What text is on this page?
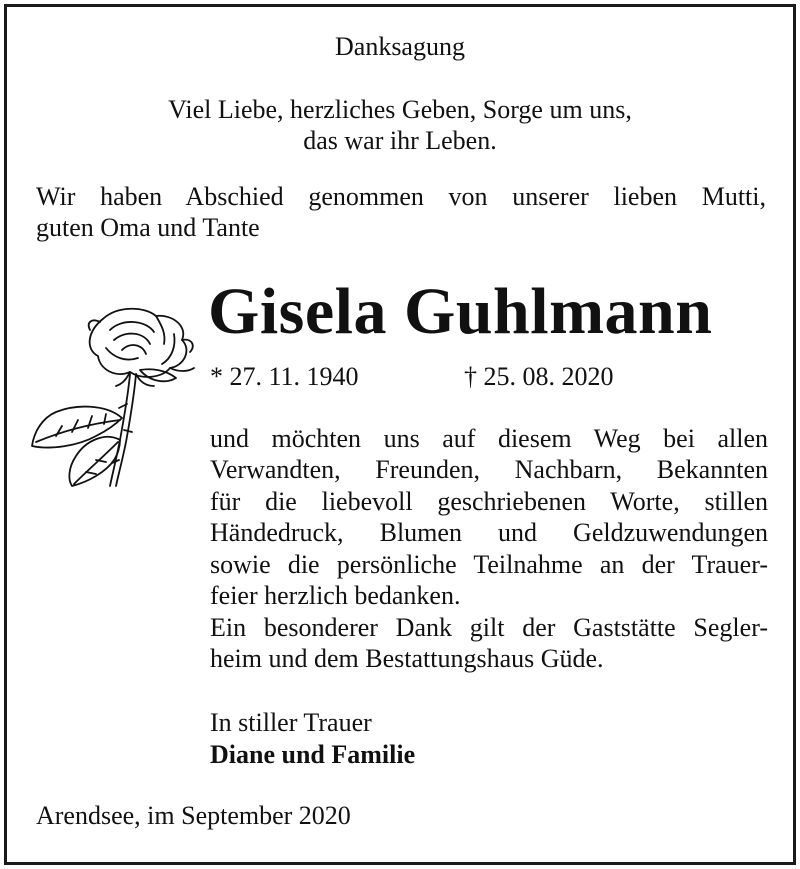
Danksagung
Viel Liebe, herzliches Geben, Sorge um uns,
das war ihr Leben.
Wir haben Abschied genommen von unserer lieben Mutti,
guten Oma und Tante
Gisela Guhlmann
* 27. 11. 1940	† 25. 08. 2020
und möchten uns auf diesem Weg bei allen
Verwandten, Freunden, Nachbarn, Bekannten
für die liebevoll geschriebenen Worte, stillen
Händedruck, Blumen und Geldzuwendungen
sowie die persönliche Teilnahme an der Trauer-
feier herzlich bedanken.
Ein besonderer Dank gilt der Gaststätte Segler-
heim und dem Bestattungshaus Güde.
In stiller Trauer
Diane und Familie
Arendsee, im September 2020
